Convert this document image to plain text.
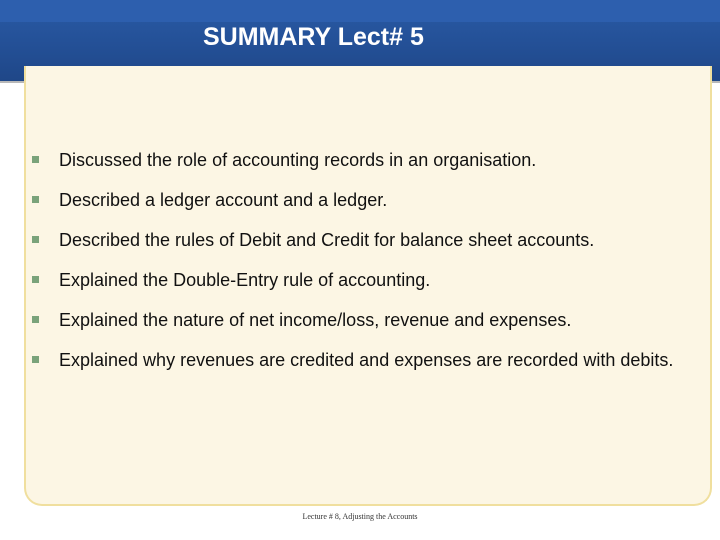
SUMMARY Lect# 5
Discussed the role of accounting records in an organisation.
Described a ledger account and a ledger.
Described the rules of Debit and Credit for balance sheet accounts.
Explained the Double-Entry rule of accounting.
Explained the nature of net income/loss, revenue and expenses.
Explained why revenues are credited and expenses are recorded with debits.

Lecture # 8, Adjusting the Accounts
